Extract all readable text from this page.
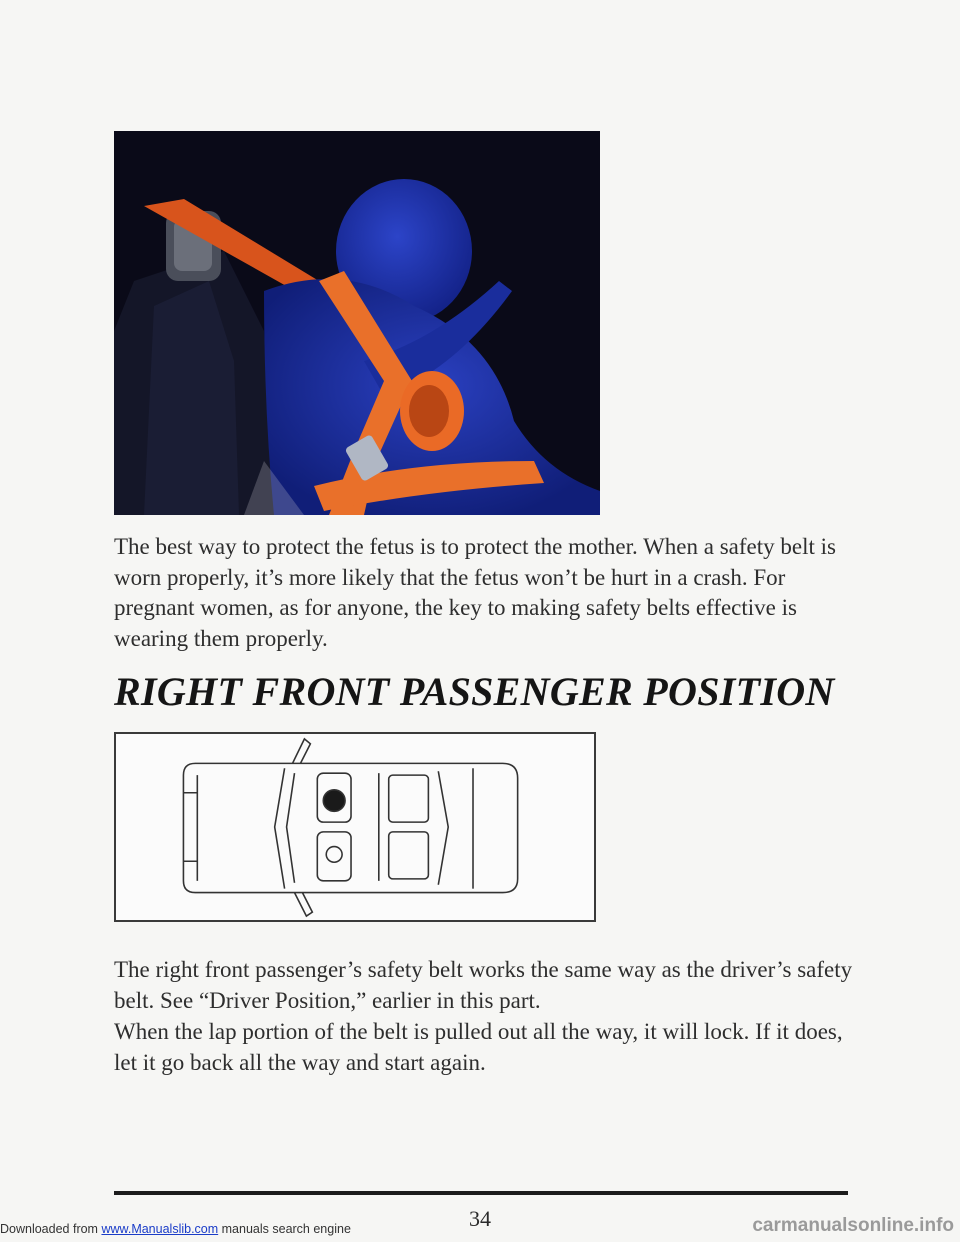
The best way to protect the fetus is to protect the mother. When a safety belt is worn properly, it’s more likely that the fetus won’t be hurt in a crash. For pregnant women, as for anyone, the key to making safety belts effective is wearing them properly.

RIGHT FRONT PASSENGER POSITION

The right front passenger’s safety belt works the same way as the driver’s safety belt. See “Driver Position,” earlier in this part.

When the lap portion of the belt is pulled out all the way, it will lock. If it does, let it go back all the way and start again.

34
Downloaded from www.Manualslib.com manuals search engine	carmanualsonline.info
